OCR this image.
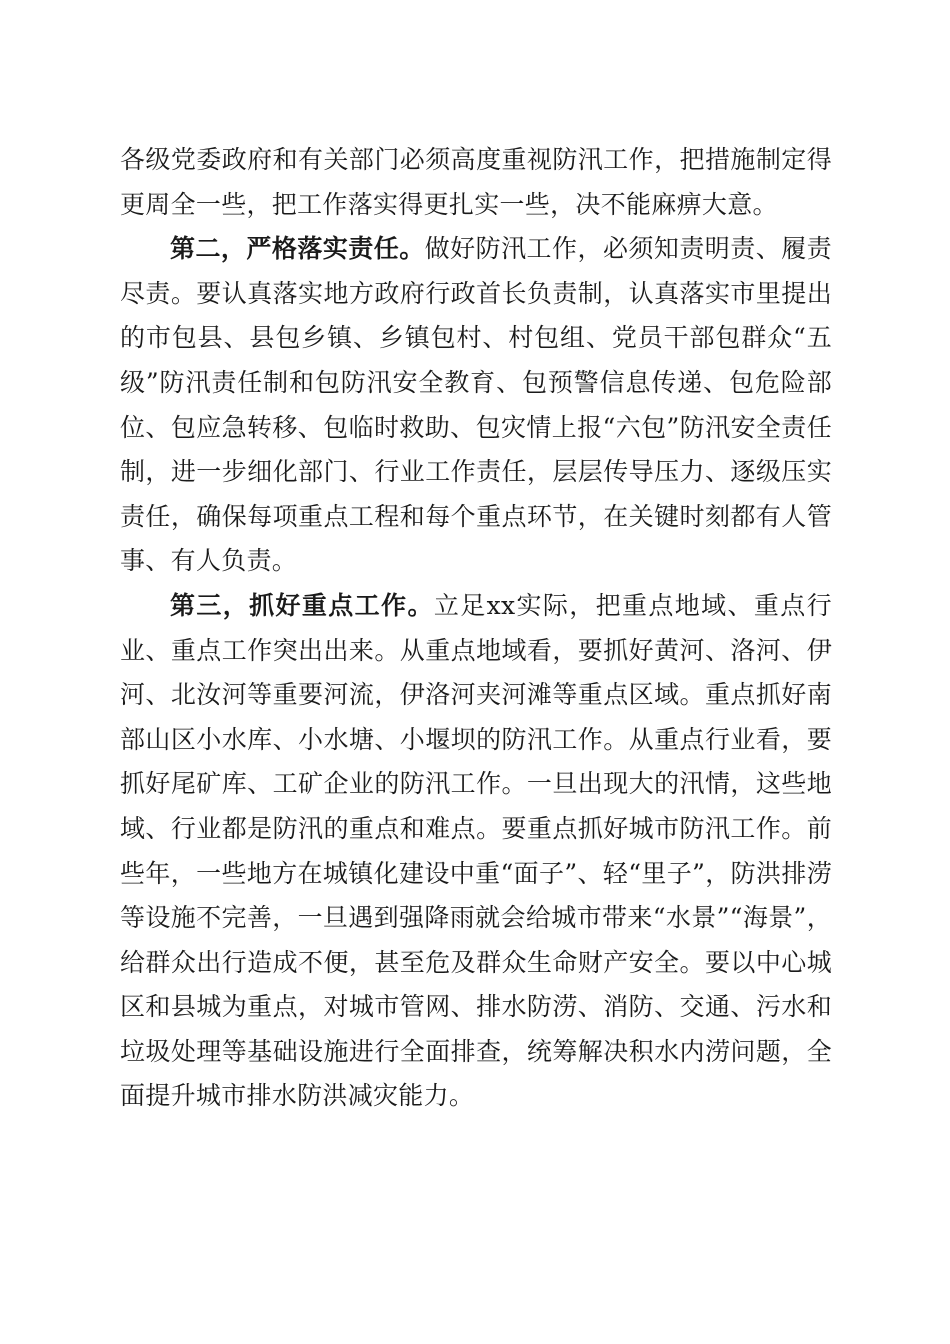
各级党委政府和有关部门必须高度重视防汛工作，把措施制定得更周全一些，把工作落实得更扎实一些，决不能麻痹大意。

第二，严格落实责任。做好防汛工作，必须知责明责、履责尽责。要认真落实地方政府行政首长负责制，认真落实市里提出的市包县、县包乡镇、乡镇包村、村包组、党员干部包群众“五级”防汛责任制和包防汛安全教育、包预警信息传递、包危险部位、包应急转移、包临时救助、包灾情上报“六包”防汛安全责任制，进一步细化部门、行业工作责任，层层传导压力、逐级压实责任，确保每项重点工程和每个重点环节，在关键时刻都有人管事、有人负责。

第三，抓好重点工作。立足xx实际，把重点地域、重点行业、重点工作突出出来。从重点地域看，要抓好黄河、洛河、伊河、北汝河等重要河流，伊洛河夹河滩等重点区域。重点抓好南部山区小水库、小水塘、小堰坝的防汛工作。从重点行业看，要抓好尾矿库、工矿企业的防汛工作。一旦出现大的汛情，这些地域、行业都是防汛的重点和难点。要重点抓好城市防汛工作。前些年，一些地方在城镇化建设中重“面子”、轻“里子”，防洪排涝等设施不完善，一旦遇到强降雨就会给城市带来“水景”“海景”，给群众出行造成不便，甚至危及群众生命财产安全。要以中心城区和县城为重点，对城市管网、排水防涝、消防、交通、污水和垃圾处理等基础设施进行全面排查，统筹解决积水内涝问题，全面提升城市排水防洪减灾能力。
